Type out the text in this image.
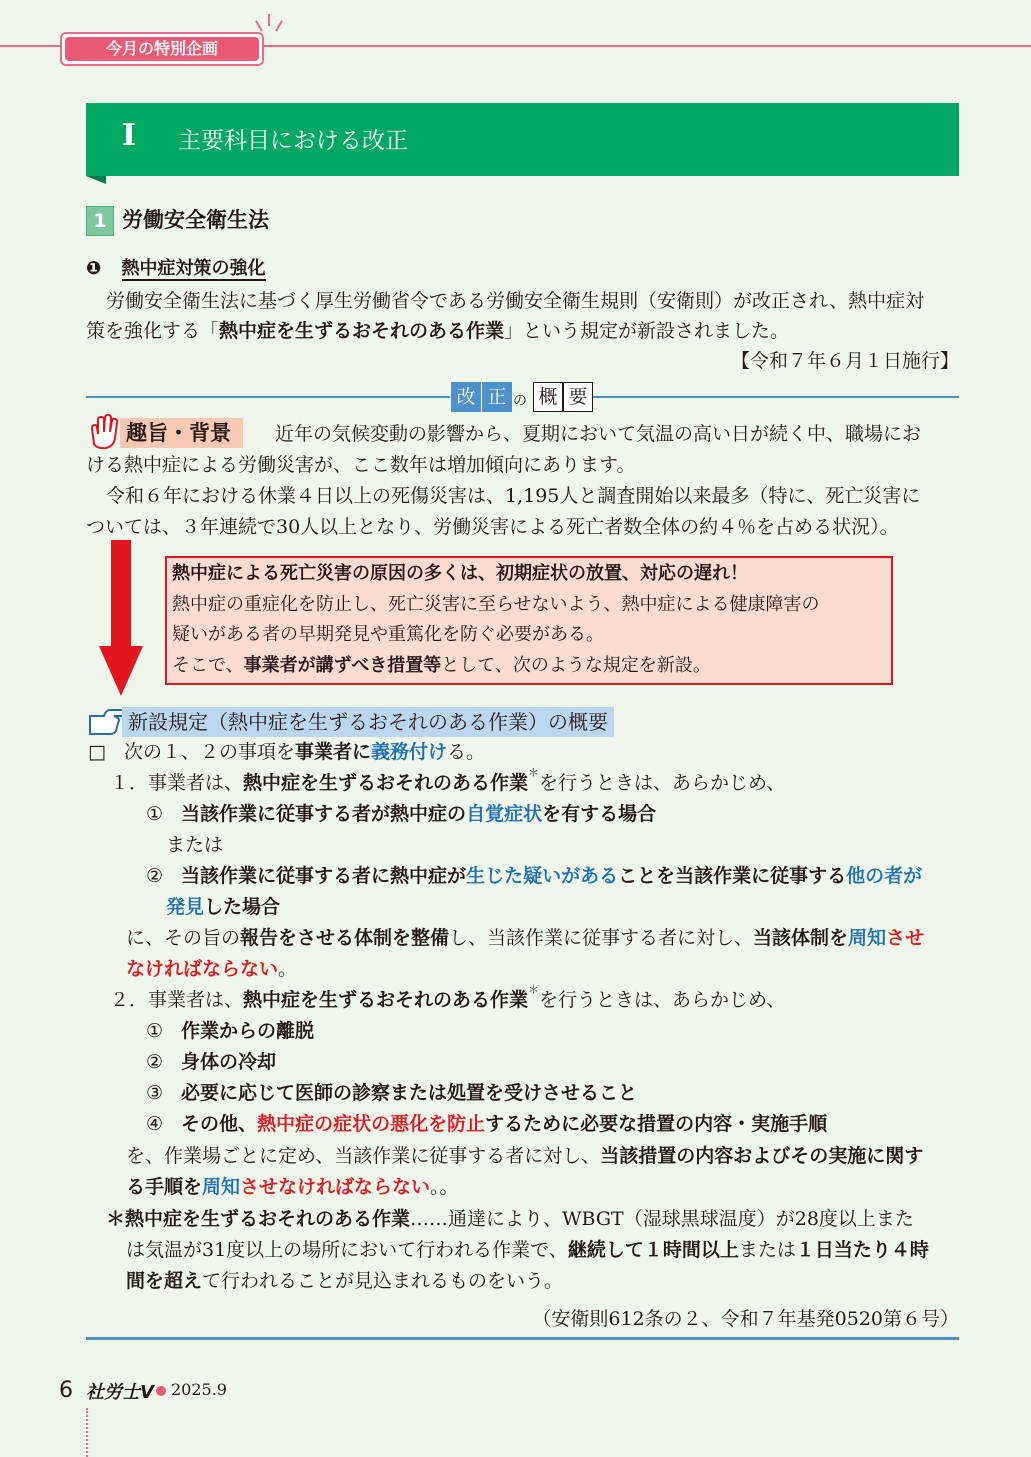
今月の特別企画
Ⅰ 主要科目における改正
1 労働安全衛生法
❶ 熱中症対策の強化
労働安全衛生法に基づく厚生労働省令である労働安全衛生規則（安衛則）が改正され、熱中症対
策を強化する「熱中症を生ずるおそれのある作業」という規定が新設されました。
【令和７年６月１日施行】
改 正 の 概 要
趣旨・背景	近年の気候変動の影響から、夏期において気温の高い日が続く中、職場にお
ける熱中症による労働災害が、ここ数年は増加傾向にあります。
令和６年における休業４日以上の死傷災害は、1,195人と調査開始以来最多（特に、死亡災害に
ついては、３年連続で30人以上となり、労働災害による死亡者数全体の約４％を占める状況）。
熱中症による死亡災害の原因の多くは、初期症状の放置、対応の遅れ！
熱中症の重症化を防止し、死亡災害に至らせないよう、熱中症による健康障害の
疑いがある者の早期発見や重篤化を防ぐ必要がある。
そこで、事業者が講ずべき措置等として、次のような規定を新設。
新設規定（熱中症を生ずるおそれのある作業）の概要
□ 次の１、２の事項を事業者に義務付ける。
１．事業者は、熱中症を生ずるおそれのある作業＊を行うときは、あらかじめ、
① 当該作業に従事する者が熱中症の自覚症状を有する場合
または
② 当該作業に従事する者に熱中症が生じた疑いがあることを当該作業に従事する他の者が
発見した場合
に、その旨の報告をさせる体制を整備し、当該作業に従事する者に対し、当該体制を周知させ
なければならない。
２．事業者は、熱中症を生ずるおそれのある作業＊を行うときは、あらかじめ、
① 作業からの離脱
② 身体の冷却
③ 必要に応じて医師の診察または処置を受けさせること
④ その他、熱中症の症状の悪化を防止するために必要な措置の内容・実施手順
を、作業場ごとに定め、当該作業に従事する者に対し、当該措置の内容およびその実施に関す
る手順を周知させなければならない。。
＊熱中症を生ずるおそれのある作業……通達により、WBGT（湿球黒球温度）が28度以上また
は気温が31度以上の場所において行われる作業で、継続して１時間以上または１日当たり４時
間を超えて行われることが見込まれるものをいう。
（安衛則612条の２、令和７年基発0520第６号）
6 社労士V 2025.9
